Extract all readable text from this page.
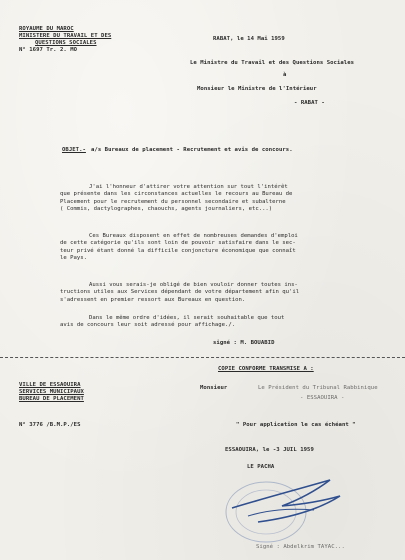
ROYAUME DU MAROC
MINISTERE DU TRAVAIL ET DES
QUESTIONS SOCIALES
N° 1697 Tr. 2. MO
RABAT, le 14 Mai 1959
Le Ministre du Travail et des Questions Sociales
à
Monsieur le Ministre de l'Intérieur
- RABAT -
OBJET.- a/s Bureaux de placement - Recrutement et avis de concours.
J'ai l'honneur d'attirer votre attention sur tout l'intérêt
que présente dans les circonstances actuelles le recours au Bureau de
Placement pour le recrutement du personnel secondaire et subalterne
( Commis, dactylographes, chaouchs, agents journaliers, etc...)
Ces Bureaux disposent en effet de nombreuses demandes d'emploi
de cette catégorie qu'ils sont loin de pouvoir satisfaire dans le sec-
teur privé étant donné la difficile conjoncture économique que connaît
le Pays.
Aussi vous serais-je obligé de bien vouloir donner toutes ins-
tructions utiles aux Services dépendant de votre département afin qu'il
s'adressent en premier ressort aux Bureaux en question.
Dans le même ordre d'idées, il serait souhaitable que tout
avis de concours leur soit adressé pour affichage./.
signé : M. BOUABID
COPIE CONFORME TRANSMISE A :
VILLE DE ESSAOUIRA
SERVICES MUNICIPAUX
BUREAU DE PLACEMENT
Monsieur	Le Président du Tribunal Rabbinique
- ESSAOUIRA -
N° 3776 /B.M.P./ES	" Pour application le cas échéant "
ESSAOUIRA, le -3 JUIL 1959
LE PACHA
Signé : Abdelkrim TAYAC...
